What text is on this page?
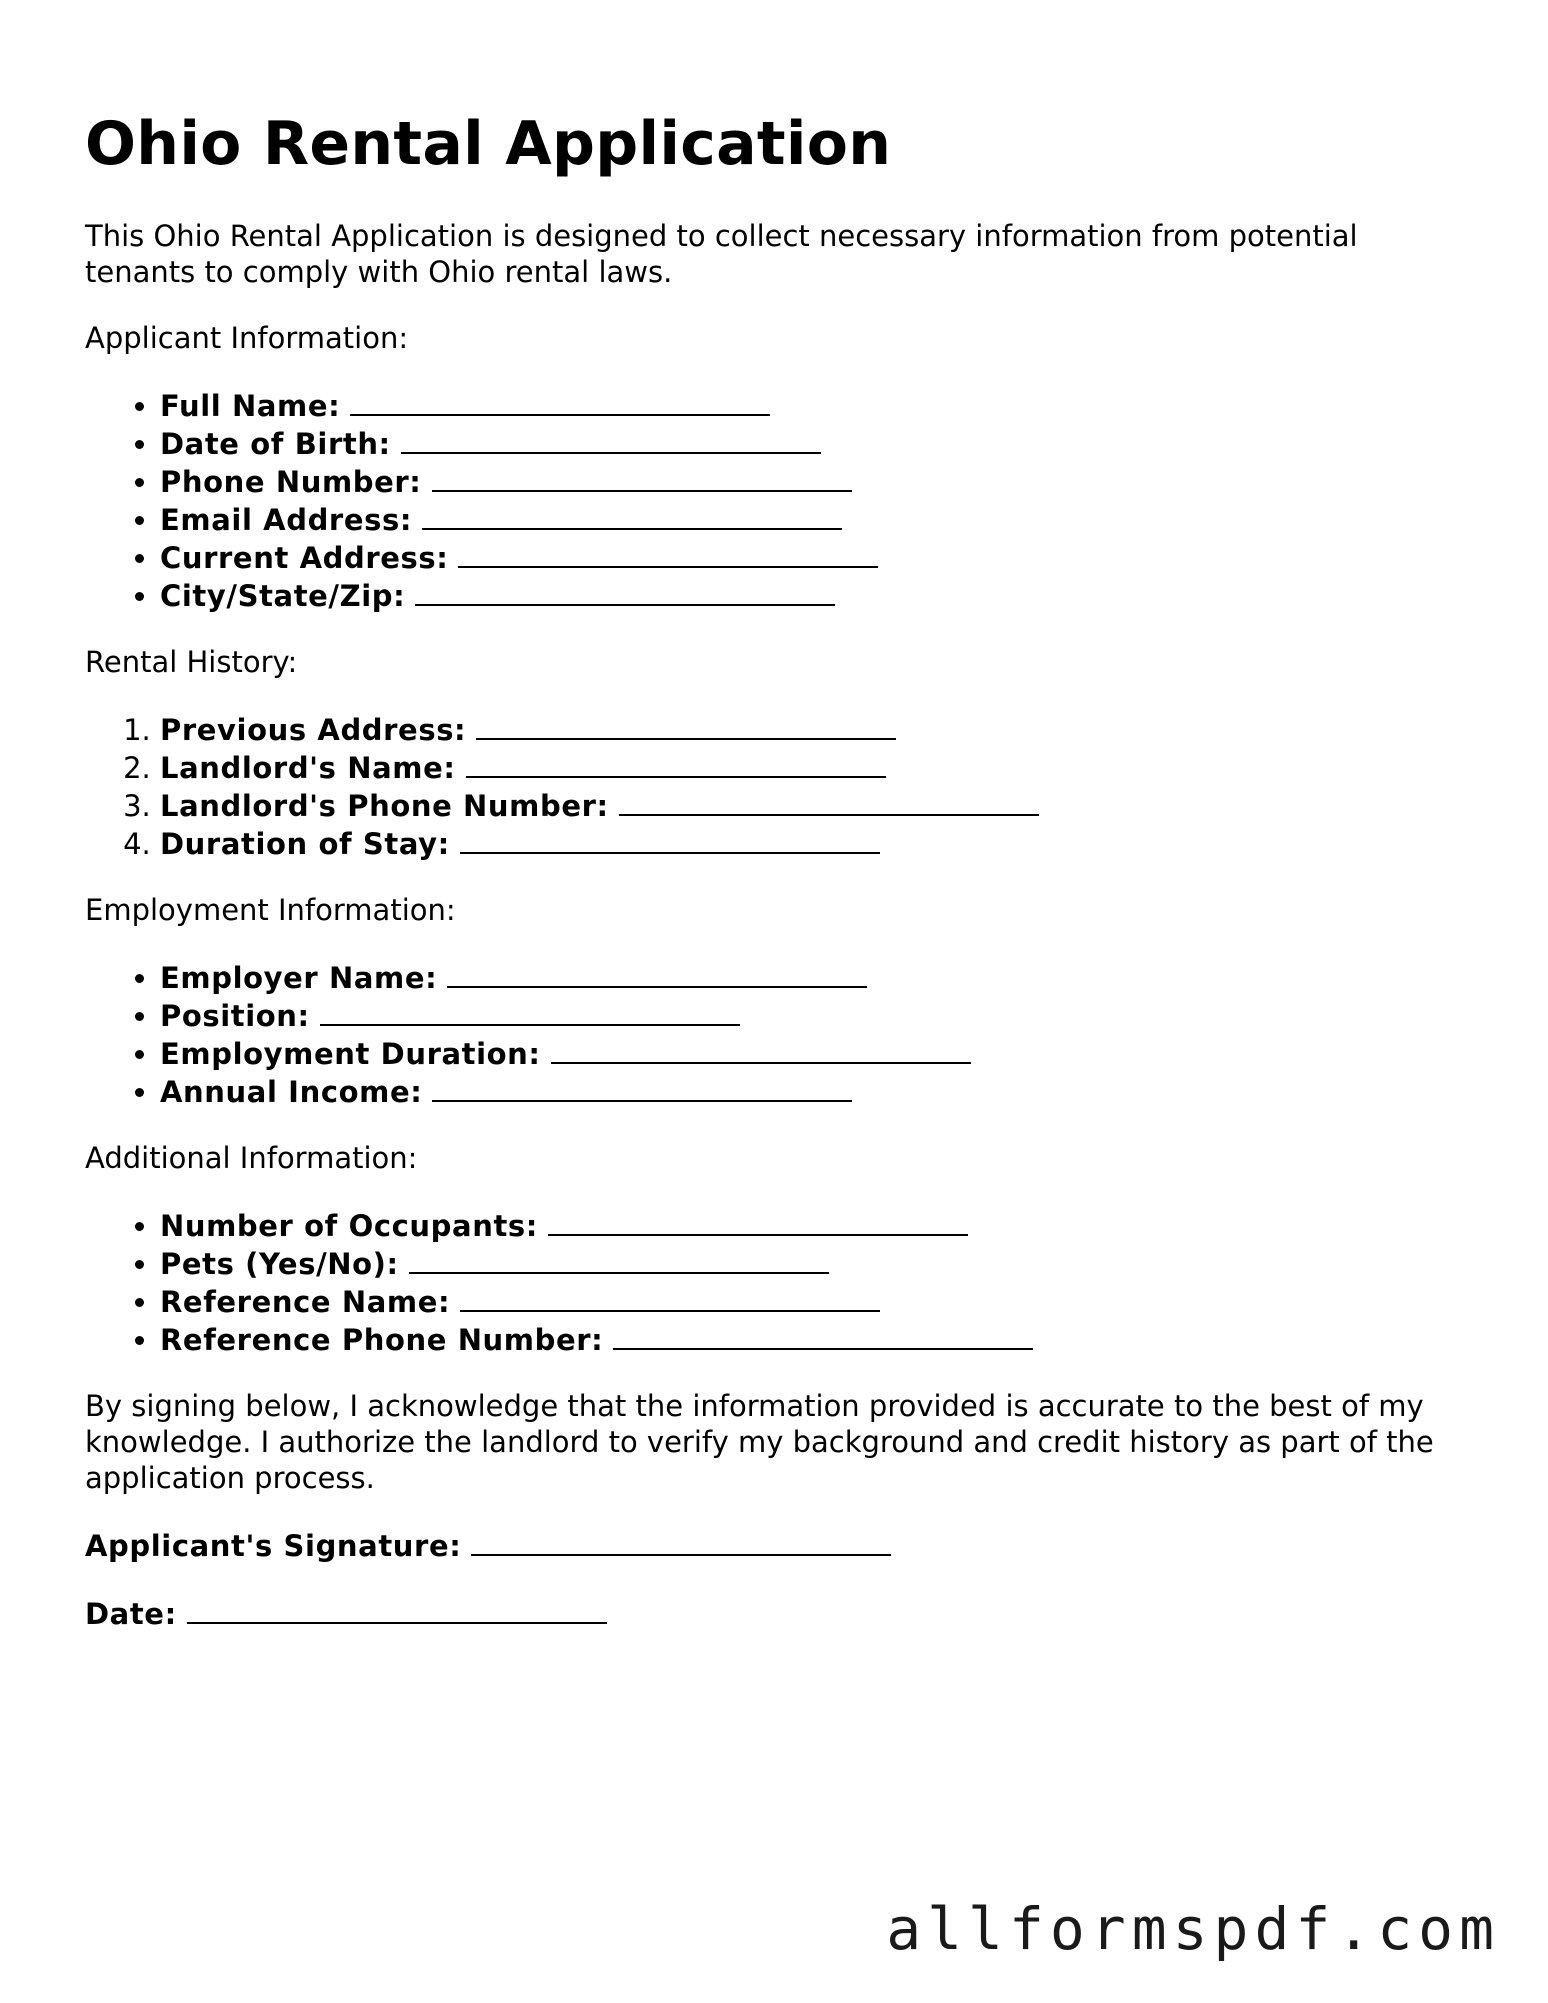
Ohio Rental Application

This Ohio Rental Application is designed to collect necessary information from potential tenants to comply with Ohio rental laws.

Applicant Information:

• Full Name:
• Date of Birth:
• Phone Number:
• Email Address:
• Current Address:
• City/State/Zip:

Rental History:

1. Previous Address:
2. Landlord's Name:
3. Landlord's Phone Number:
4. Duration of Stay:

Employment Information:

• Employer Name:
• Position:
• Employment Duration:
• Annual Income:

Additional Information:

• Number of Occupants:
• Pets (Yes/No):
• Reference Name:
• Reference Phone Number:

By signing below, I acknowledge that the information provided is accurate to the best of my knowledge. I authorize the landlord to verify my background and credit history as part of the application process.

Applicant's Signature:

Date:

allformspdf.com
